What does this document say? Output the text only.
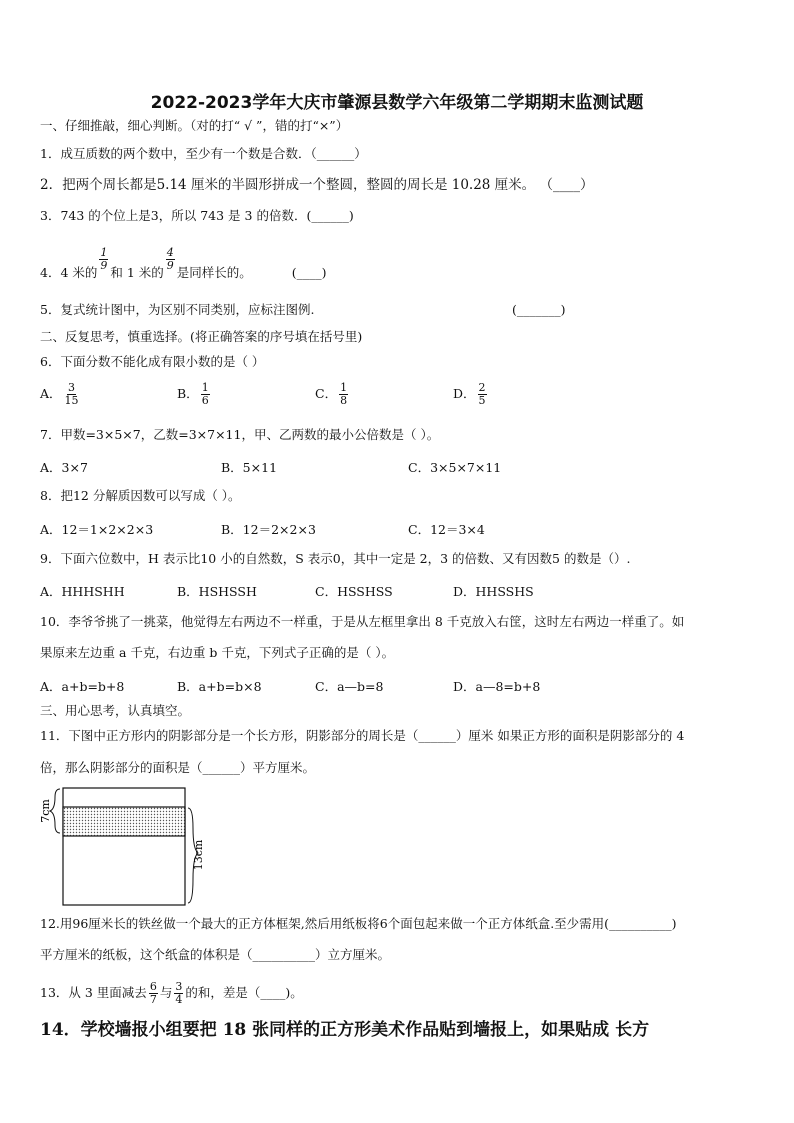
2022-2023学年大庆市肇源县数学六年级第二学期期末监测试题
一、仔细推敲，细心判断。（对的打“ √ ”，错的打“×”）
1．成互质数的两个数中，至少有一个数是合数．（______）
2．把两个周长都是5.14 厘米的半圆形拼成一个整圆，整圆的周长是 10.28 厘米。 （____）
3．743 的个位上是3，所以 743 是 3 的倍数．(______)
4．4 米的
$\frac{1}{9}$
和 1 米的
$\frac{4}{9}$
是同样长的。	(____)
5．复式统计图中，为区别不同类别，应标注图例.	(_______)
二、反复思考，慎重选择。(将正确答案的序号填在括号里)
6．下面分数不能化成有限小数的是（ ）
A． $\frac{3}{15}$	B． $\frac{1}{6}$	C． $\frac{1}{8}$	D． $\frac{2}{5}$
7．甲数=3×5×7，乙数=3×7×11，甲、乙两数的最小公倍数是（ ）。
A．3×7	B．5×11	C．3×5×7×11
8．把12 分解质因数可以写成（ ）。
A．12＝1×2×2×3	B．12＝2×2×3	C．12＝3×4
9．下面六位数中，H 表示比10 小的自然数，S 表示0，其中一定是 2，3 的倍数、又有因数5 的数是（）.
A．HHHSHH	B．HSHSSH	C．HSSHSS	D．HHSSHS
10．李爷爷挑了一挑菜，他觉得左右两边不一样重，于是从左框里拿出 8 千克放入右筐，这时左右两边一样重了。如
果原来左边重 a 千克，右边重 b 千克，下列式子正确的是（ ）。
A．a+b=b+8	B．a+b=b×8	C．a—b=8	D．a—8=b+8
三、用心思考，认真填空。
11．下图中正方形内的阴影部分是一个长方形，阴影部分的周长是（______）厘米 如果正方形的面积是阴影部分的 4
倍，那么阴影部分的面积是（______）平方厘米。
7cm
13cm
12.用96厘米长的铁丝做一个最大的正方体框架,然后用纸板将6个面包起来做一个正方体纸盒.至少需用(__________)
平方厘米的纸板，这个纸盒的体积是（__________）立方厘米。
13．从 3 里面减去 $\frac{6}{7}$ 与 $\frac{3}{4}$ 的和，差是（____)。
14．学校墙报小组要把 18 张同样的正方形美术作品贴到墙报上，如果贴成 长方
